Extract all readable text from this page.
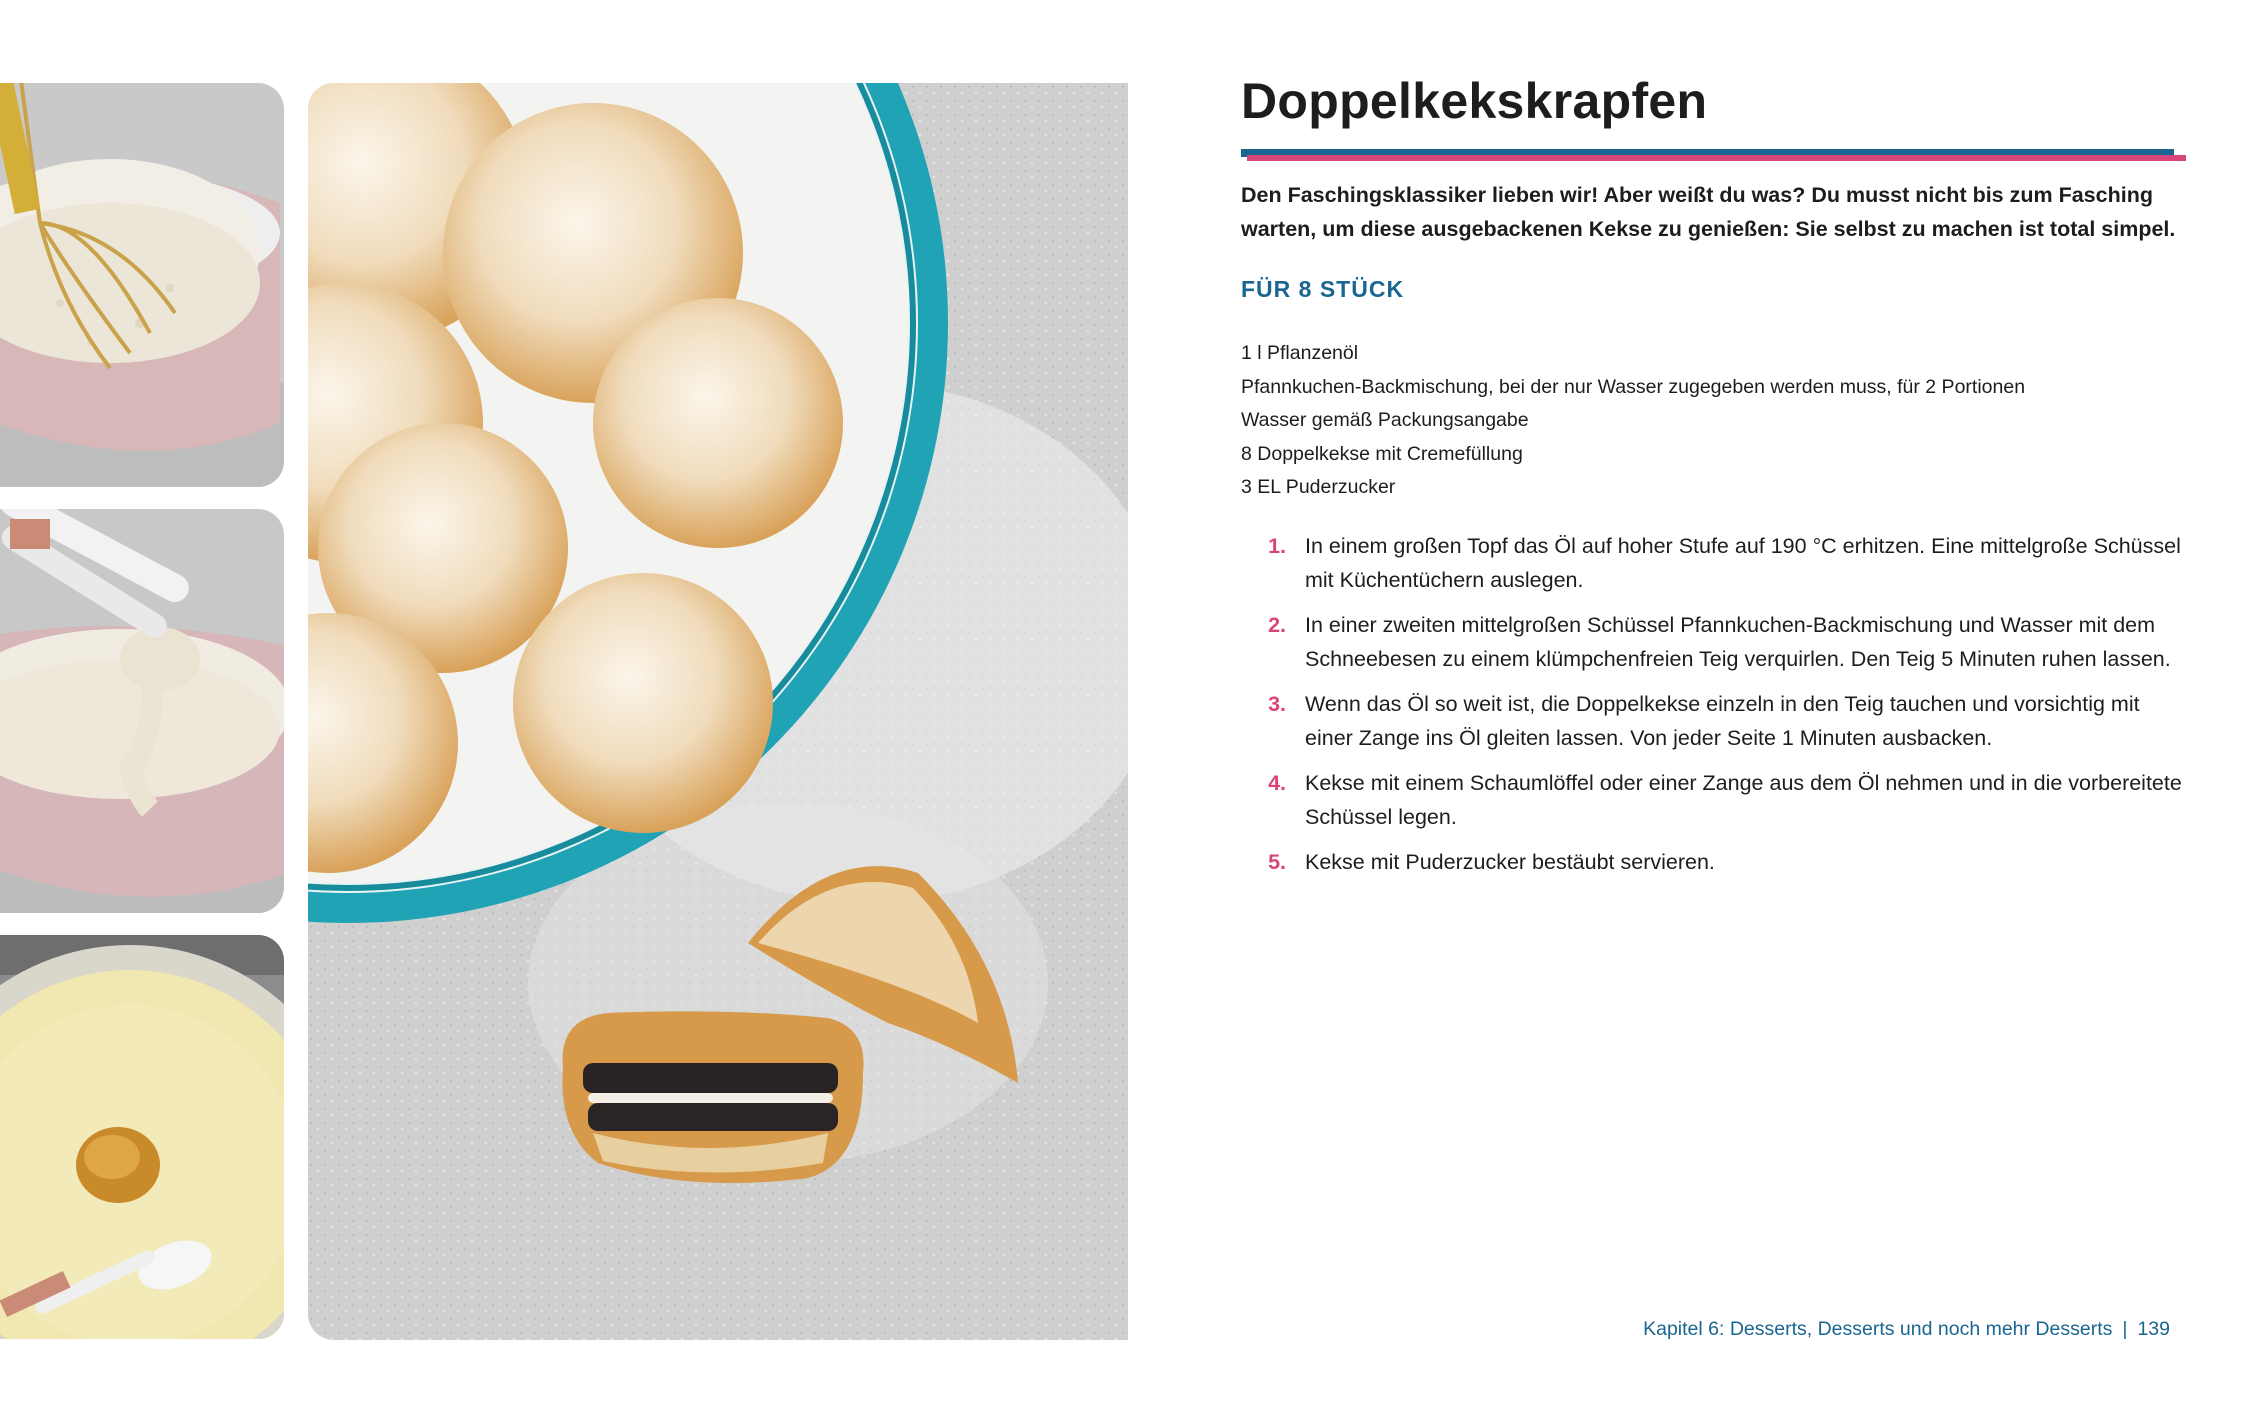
Doppelkekskrapfen

Den Faschingsklassiker lieben wir! Aber weißt du was? Du musst nicht bis zum Fasching warten, um diese ausgebackenen Kekse zu genießen: Sie selbst zu machen ist total simpel.

FÜR 8 STÜCK
1 l Pflanzenöl
Pfannkuchen-Backmischung, bei der nur Wasser zugegeben werden muss, für 2 Portionen
Wasser gemäß Packungsangabe
8 Doppelkekse mit Cremefüllung
3 EL Puderzucker
1. In einem großen Topf das Öl auf hoher Stufe auf 190 °C erhitzen. Eine mittelgroße Schüssel mit Küchentüchern auslegen.
2. In einer zweiten mittelgroßen Schüssel Pfannkuchen-Backmischung und Wasser mit dem Schneebesen zu einem klümpchenfreien Teig verquirlen. Den Teig 5 Minuten ruhen lassen.
3. Wenn das Öl so weit ist, die Doppelkekse einzeln in den Teig tauchen und vorsichtig mit einer Zange ins Öl gleiten lassen. Von jeder Seite 1 Minuten ausbacken.
4. Kekse mit einem Schaumlöffel oder einer Zange aus dem Öl nehmen und in die vorbereitete Schüssel legen.
5. Kekse mit Puderzucker bestäubt servieren.
Kapitel 6: Desserts, Desserts und noch mehr Desserts | 139
